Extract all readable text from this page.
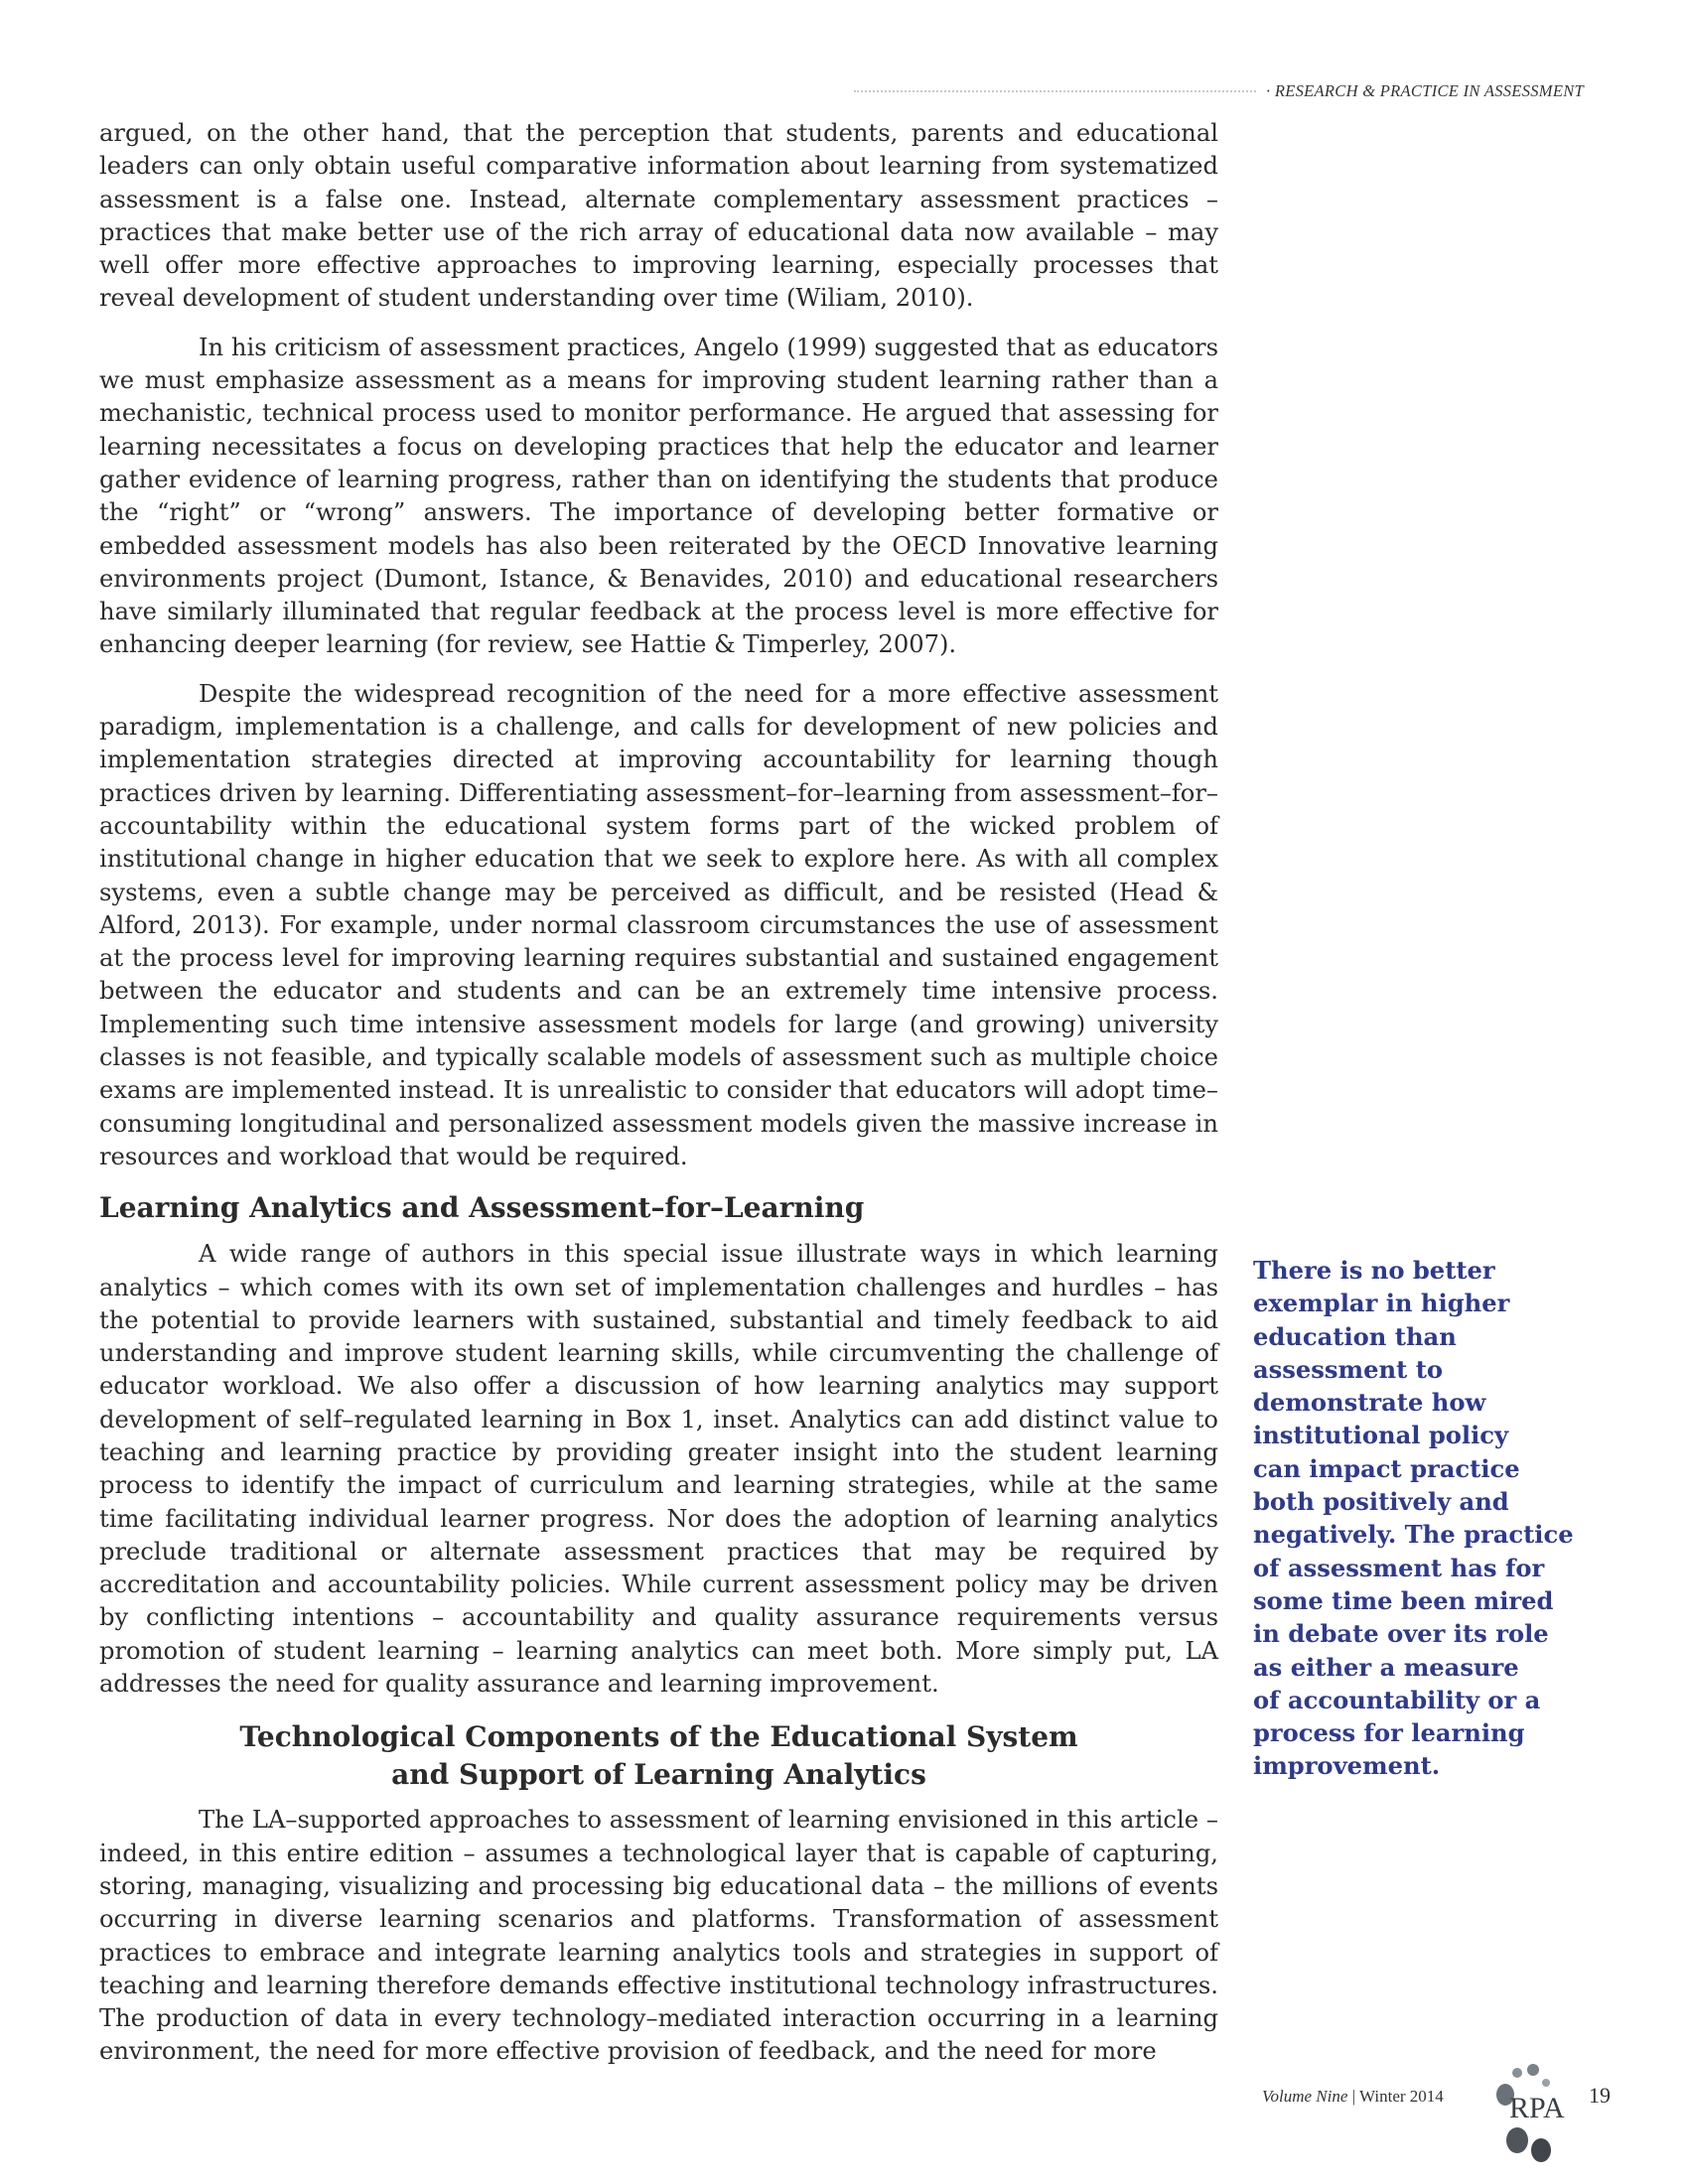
· RESEARCH & PRACTICE IN ASSESSMENT

argued, on the other hand, that the perception that students, parents and educational leaders can only obtain useful comparative information about learning from systematized assessment is a false one. Instead, alternate complementary assessment practices – practices that make better use of the rich array of educational data now available – may well offer more effective approaches to improving learning, especially processes that reveal development of student understanding over time (Wiliam, 2010).

In his criticism of assessment practices, Angelo (1999) suggested that as educators we must emphasize assessment as a means for improving student learning rather than a mechanistic, technical process used to monitor performance. He argued that assessing for learning necessitates a focus on developing practices that help the educator and learner gather evidence of learning progress, rather than on identifying the students that produce the “right” or “wrong” answers. The importance of developing better formative or embedded assessment models has also been reiterated by the OECD Innovative learning environments project (Dumont, Istance, & Benavides, 2010) and educational researchers have similarly illuminated that regular feedback at the process level is more effective for enhancing deeper learning (for review, see Hattie & Timperley, 2007).

Despite the widespread recognition of the need for a more effective assessment paradigm, implementation is a challenge, and calls for development of new policies and implementation strategies directed at improving accountability for learning though practices driven by learning. Differentiating assessment–for–learning from assessment–for–accountability within the educational system forms part of the wicked problem of institutional change in higher education that we seek to explore here. As with all complex systems, even a subtle change may be perceived as difficult, and be resisted (Head & Alford, 2013). For example, under normal classroom circumstances the use of assessment at the process level for improving learning requires substantial and sustained engagement between the educator and students and can be an extremely time intensive process. Implementing such time intensive assessment models for large (and growing) university classes is not feasible, and typically scalable models of assessment such as multiple choice exams are implemented instead. It is unrealistic to consider that educators will adopt time–consuming longitudinal and personalized assessment models given the massive increase in resources and workload that would be required.

Learning Analytics and Assessment–for–Learning

A wide range of authors in this special issue illustrate ways in which learning analytics – which comes with its own set of implementation challenges and hurdles – has the potential to provide learners with sustained, substantial and timely feedback to aid understanding and improve student learning skills, while circumventing the challenge of educator workload. We also offer a discussion of how learning analytics may support development of self–regulated learning in Box 1, inset. Analytics can add distinct value to teaching and learning practice by providing greater insight into the student learning process to identify the impact of curriculum and learning strategies, while at the same time facilitating individual learner progress. Nor does the adoption of learning analytics preclude traditional or alternate assessment practices that may be required by accreditation and accountability policies. While current assessment policy may be driven by conflicting intentions – accountability and quality assurance requirements versus promotion of student learning – learning analytics can meet both. More simply put, LA addresses the need for quality assurance and learning improvement.

Technological Components of the Educational System
and Support of Learning Analytics

The LA–supported approaches to assessment of learning envisioned in this article – indeed, in this entire edition – assumes a technological layer that is capable of capturing, storing, managing, visualizing and processing big educational data – the millions of events occurring in diverse learning scenarios and platforms. Transformation of assessment practices to embrace and integrate learning analytics tools and strategies in support of teaching and learning therefore demands effective institutional technology infrastructures. The production of data in every technology–mediated interaction occurring in a learning environment, the need for more effective provision of feedback, and the need for more

There is no better
exemplar in higher
education than
assessment to
demonstrate how
institutional policy
can impact practice
both positively and
negatively. The practice
of assessment has for
some time been mired
in debate over its role
as either a measure
of accountability or a
process for learning
improvement.
Volume Nine | Winter 2014 RPA 19
